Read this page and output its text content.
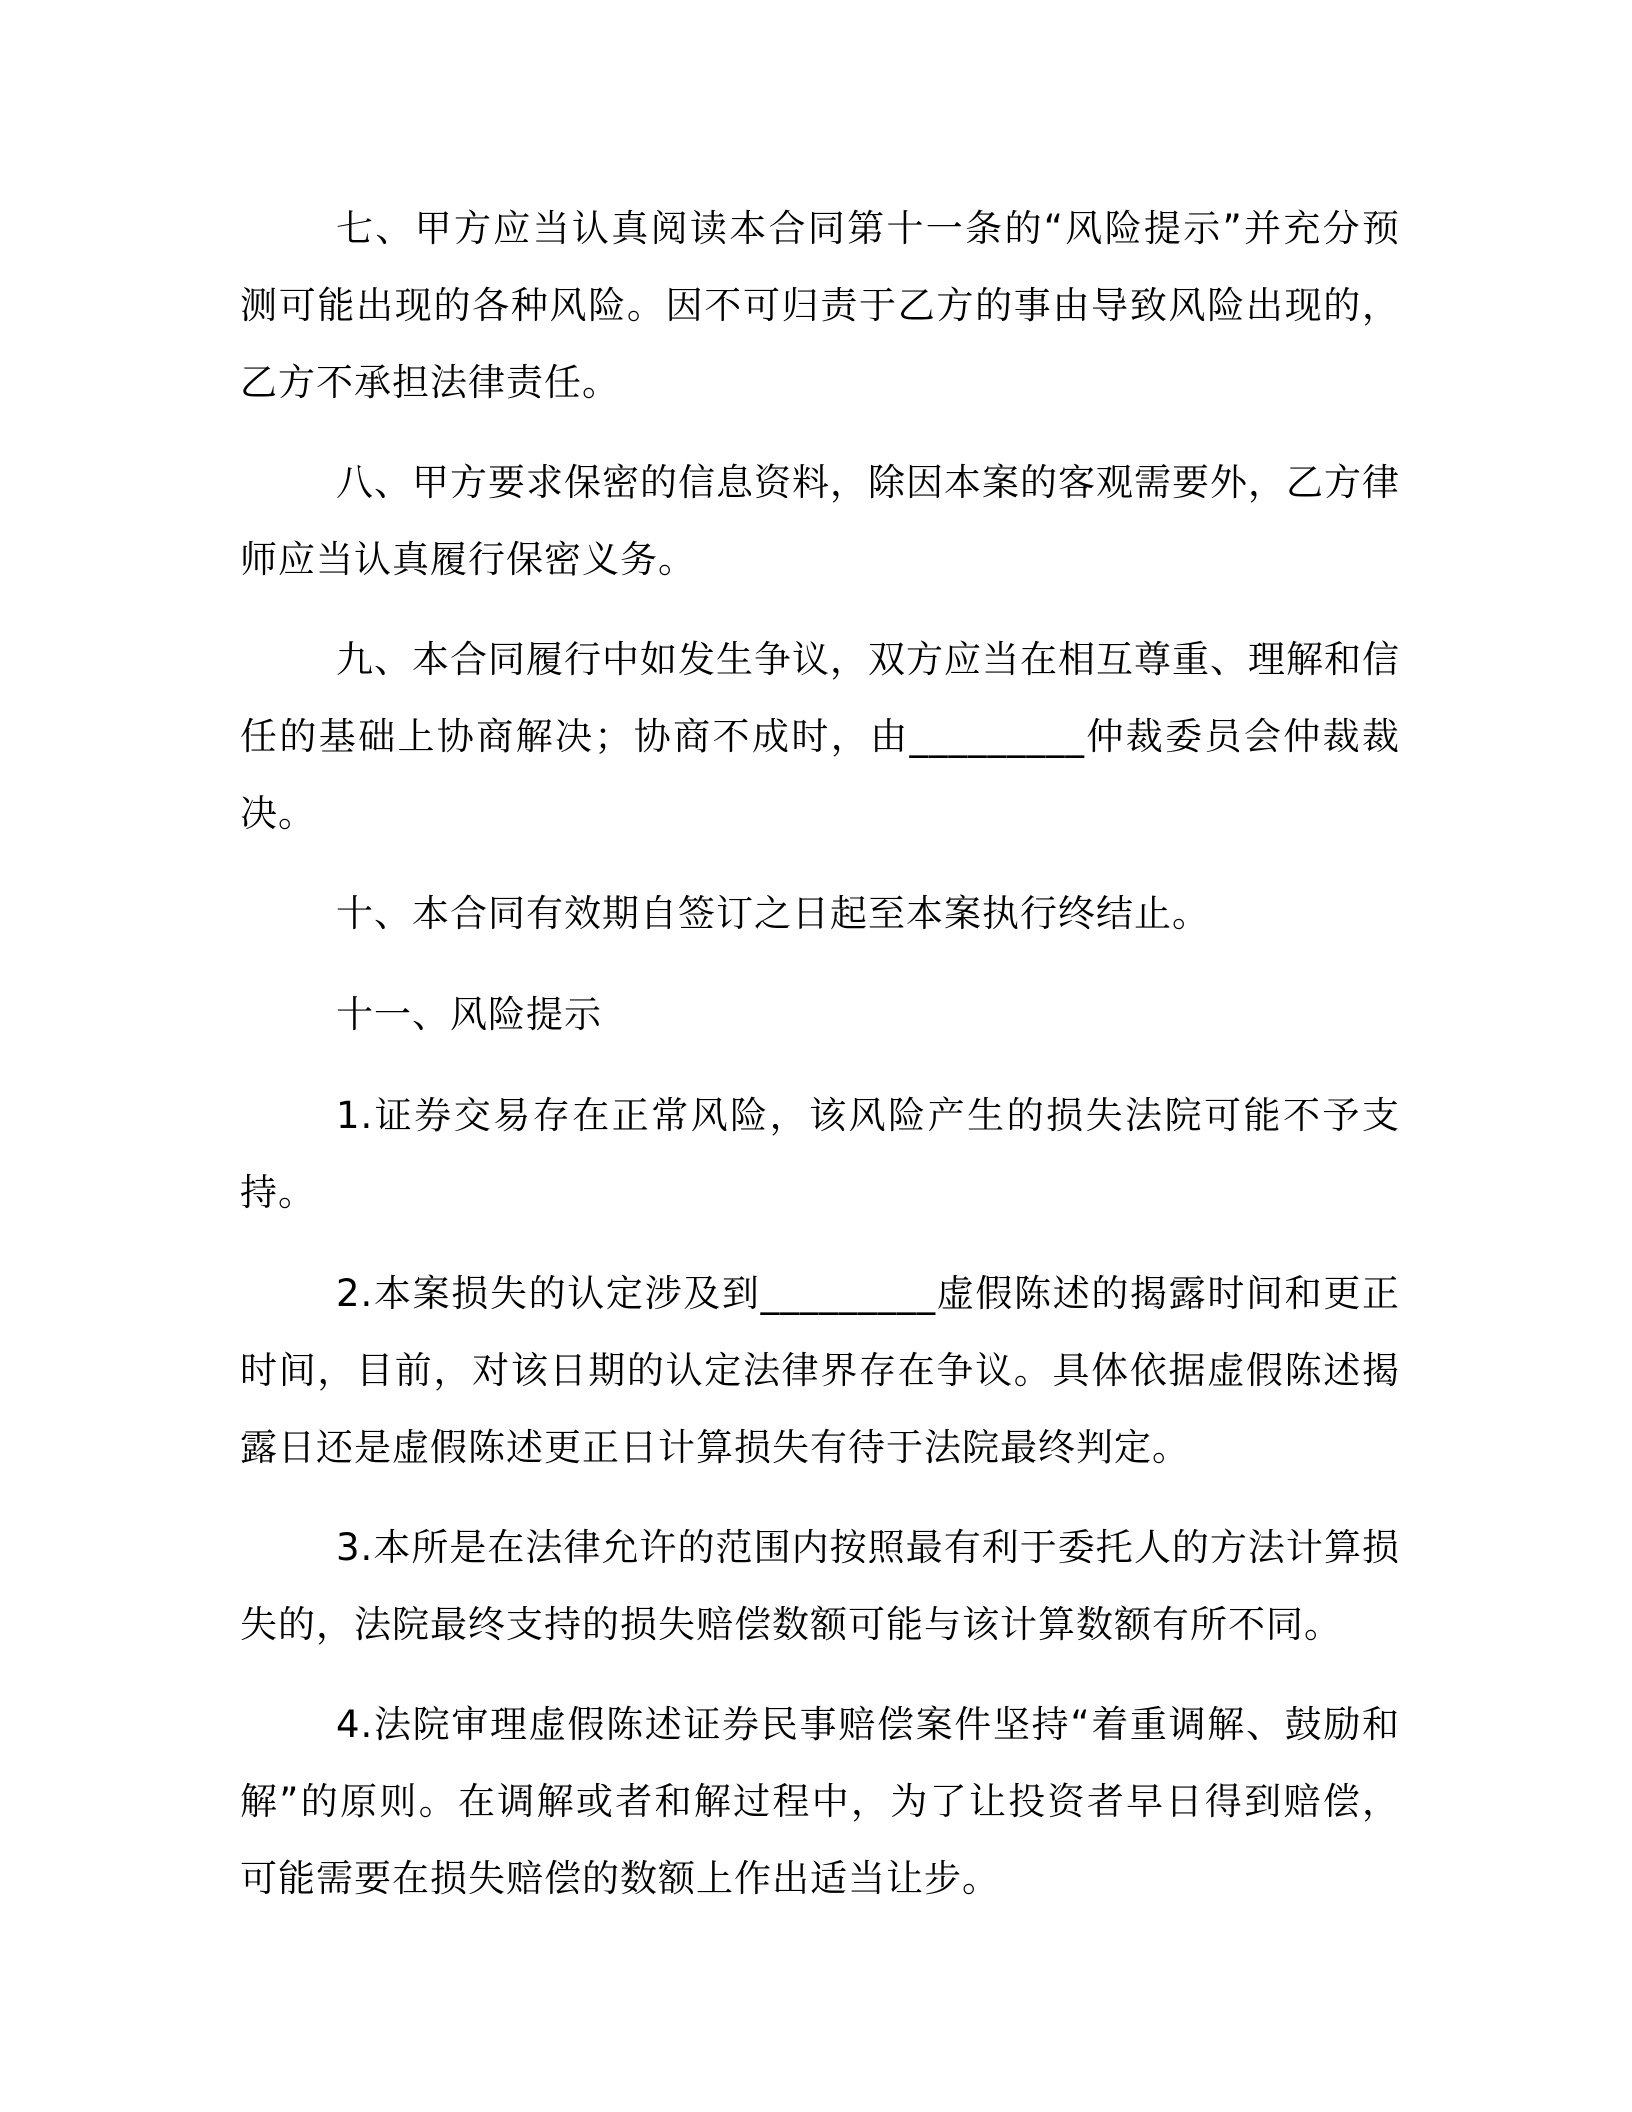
七、甲方应当认真阅读本合同第十一条的“风险提示”并充分预测可能出现的各种风险。因不可归责于乙方的事由导致风险出现的，乙方不承担法律责任。

八、甲方要求保密的信息资料，除因本案的客观需要外，乙方律师应当认真履行保密义务。

九、本合同履行中如发生争议，双方应当在相互尊重、理解和信任的基础上协商解决；协商不成时，由_________仲裁委员会仲裁裁决。

十、本合同有效期自签订之日起至本案执行终结止。

十一、风险提示

1.证券交易存在正常风险，该风险产生的损失法院可能不予支持。

2.本案损失的认定涉及到_________虚假陈述的揭露时间和更正时间，目前，对该日期的认定法律界存在争议。具体依据虚假陈述揭露日还是虚假陈述更正日计算损失有待于法院最终判定。

3.本所是在法律允许的范围内按照最有利于委托人的方法计算损失的，法院最终支持的损失赔偿数额可能与该计算数额有所不同。

4.法院审理虚假陈述证券民事赔偿案件坚持“着重调解、鼓励和解”的原则。在调解或者和解过程中，为了让投资者早日得到赔偿，可能需要在损失赔偿的数额上作出适当让步。
